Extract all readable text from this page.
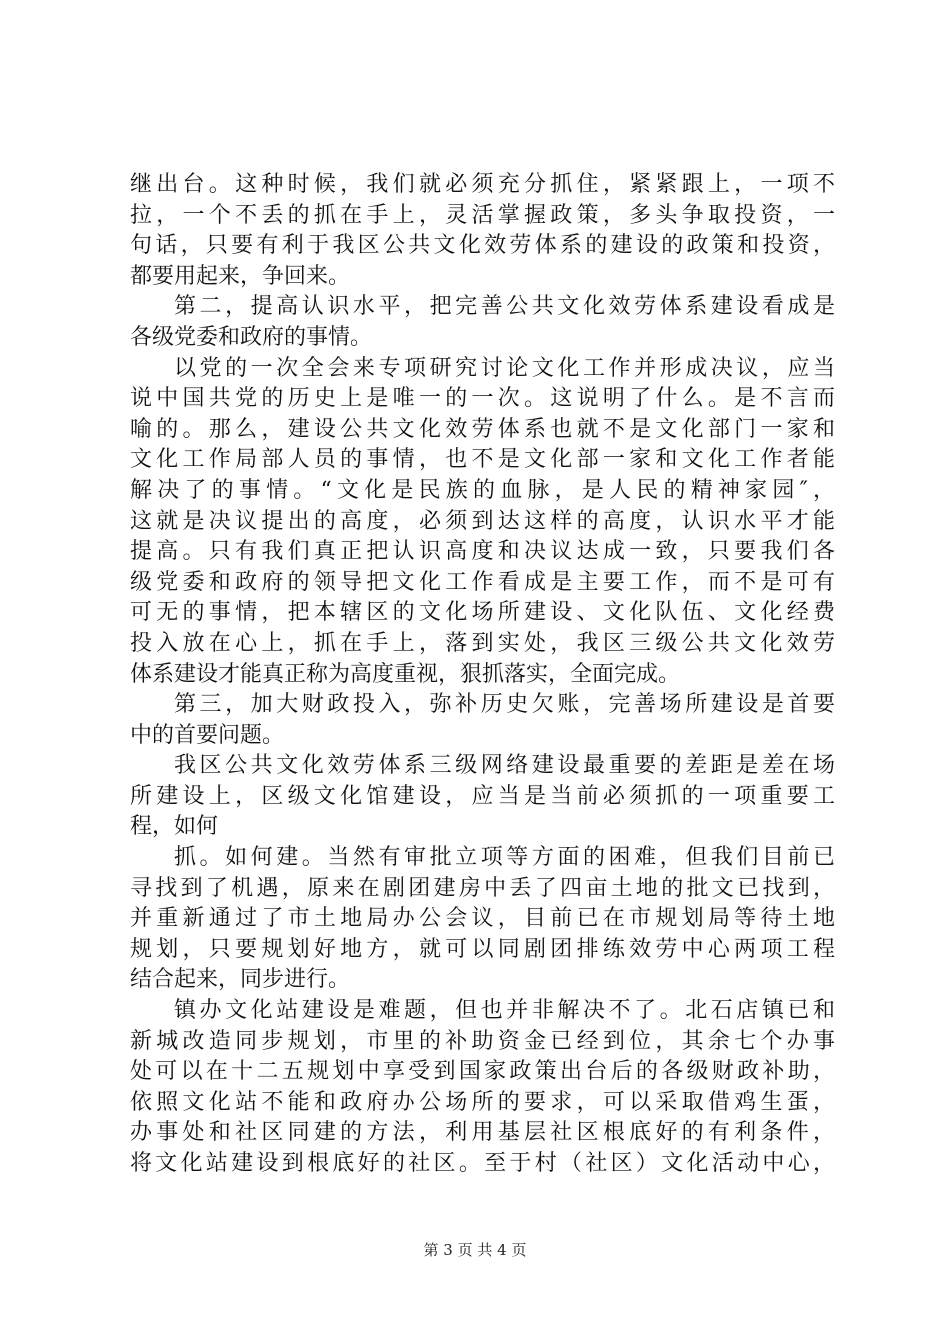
继出台。这种时候，我们就必须充分抓住，紧紧跟上，一项不
拉，一个不丢的抓在手上，灵活掌握政策，多头争取投资，一
句话，只要有利于我区公共文化效劳体系的建设的政策和投资，
都要用起来，争回来。
第二，提高认识水平，把完善公共文化效劳体系建设看成是
各级党委和政府的事情。
以党的一次全会来专项研究讨论文化工作并形成决议，应当
说中国共党的历史上是唯一的一次。这说明了什么。是不言而
喻的。那么，建设公共文化效劳体系也就不是文化部门一家和
文化工作局部人员的事情，也不是文化部一家和文化工作者能
解决了的事情。“文化是民族的血脉，是人民的精神家园″，
这就是决议提出的高度，必须到达这样的高度，认识水平才能
提高。只有我们真正把认识高度和决议达成一致，只要我们各
级党委和政府的领导把文化工作看成是主要工作，而不是可有
可无的事情，把本辖区的文化场所建设、文化队伍、文化经费
投入放在心上，抓在手上，落到实处，我区三级公共文化效劳
体系建设才能真正称为高度重视，狠抓落实，全面完成。
第三，加大财政投入，弥补历史欠账，完善场所建设是首要
中的首要问题。
我区公共文化效劳体系三级网络建设最重要的差距是差在场
所建设上，区级文化馆建设，应当是当前必须抓的一项重要工
程，如何
抓。如何建。当然有审批立项等方面的困难，但我们目前已
寻找到了机遇，原来在剧团建房中丢了四亩土地的批文已找到，
并重新通过了市土地局办公会议，目前已在市规划局等待土地
规划，只要规划好地方，就可以同剧团排练效劳中心两项工程
结合起来，同步进行。
镇办文化站建设是难题，但也并非解决不了。北石店镇已和
新城改造同步规划，市里的补助资金已经到位，其余七个办事
处可以在十二五规划中享受到国家政策出台后的各级财政补助，
依照文化站不能和政府办公场所的要求，可以采取借鸡生蛋，
办事处和社区同建的方法，利用基层社区根底好的有利条件，
将文化站建设到根底好的社区。至于村（社区）文化活动中心，
第 3 页 共 4 页
